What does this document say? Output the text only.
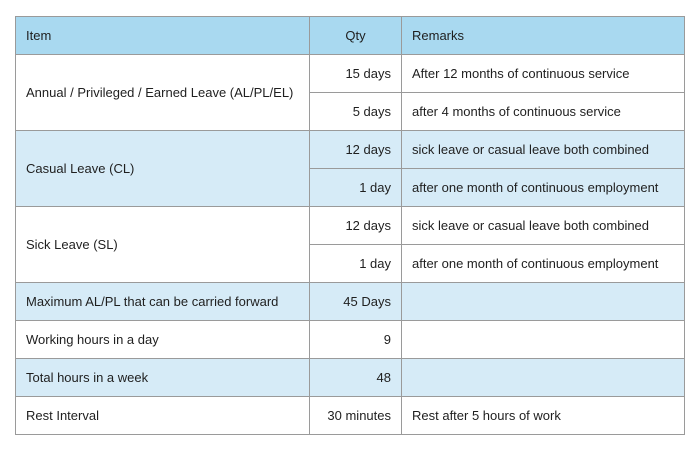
Item	Qty	Remarks
Annual / Privileged / Earned Leave (AL/PL/EL)	15 days	After 12 months of continuous service
	5 days	after 4 months of continuous service
Casual Leave (CL)	12 days	sick leave or casual leave both combined
	1 day	after one month of continuous employment
Sick Leave (SL)	12 days	sick leave or casual leave both combined
	1 day	after one month of continuous employment
Maximum AL/PL that can be carried forward	45 Days	
Working hours in a day	9	
Total hours in a week	48	
Rest Interval	30 minutes	Rest after 5 hours of work
